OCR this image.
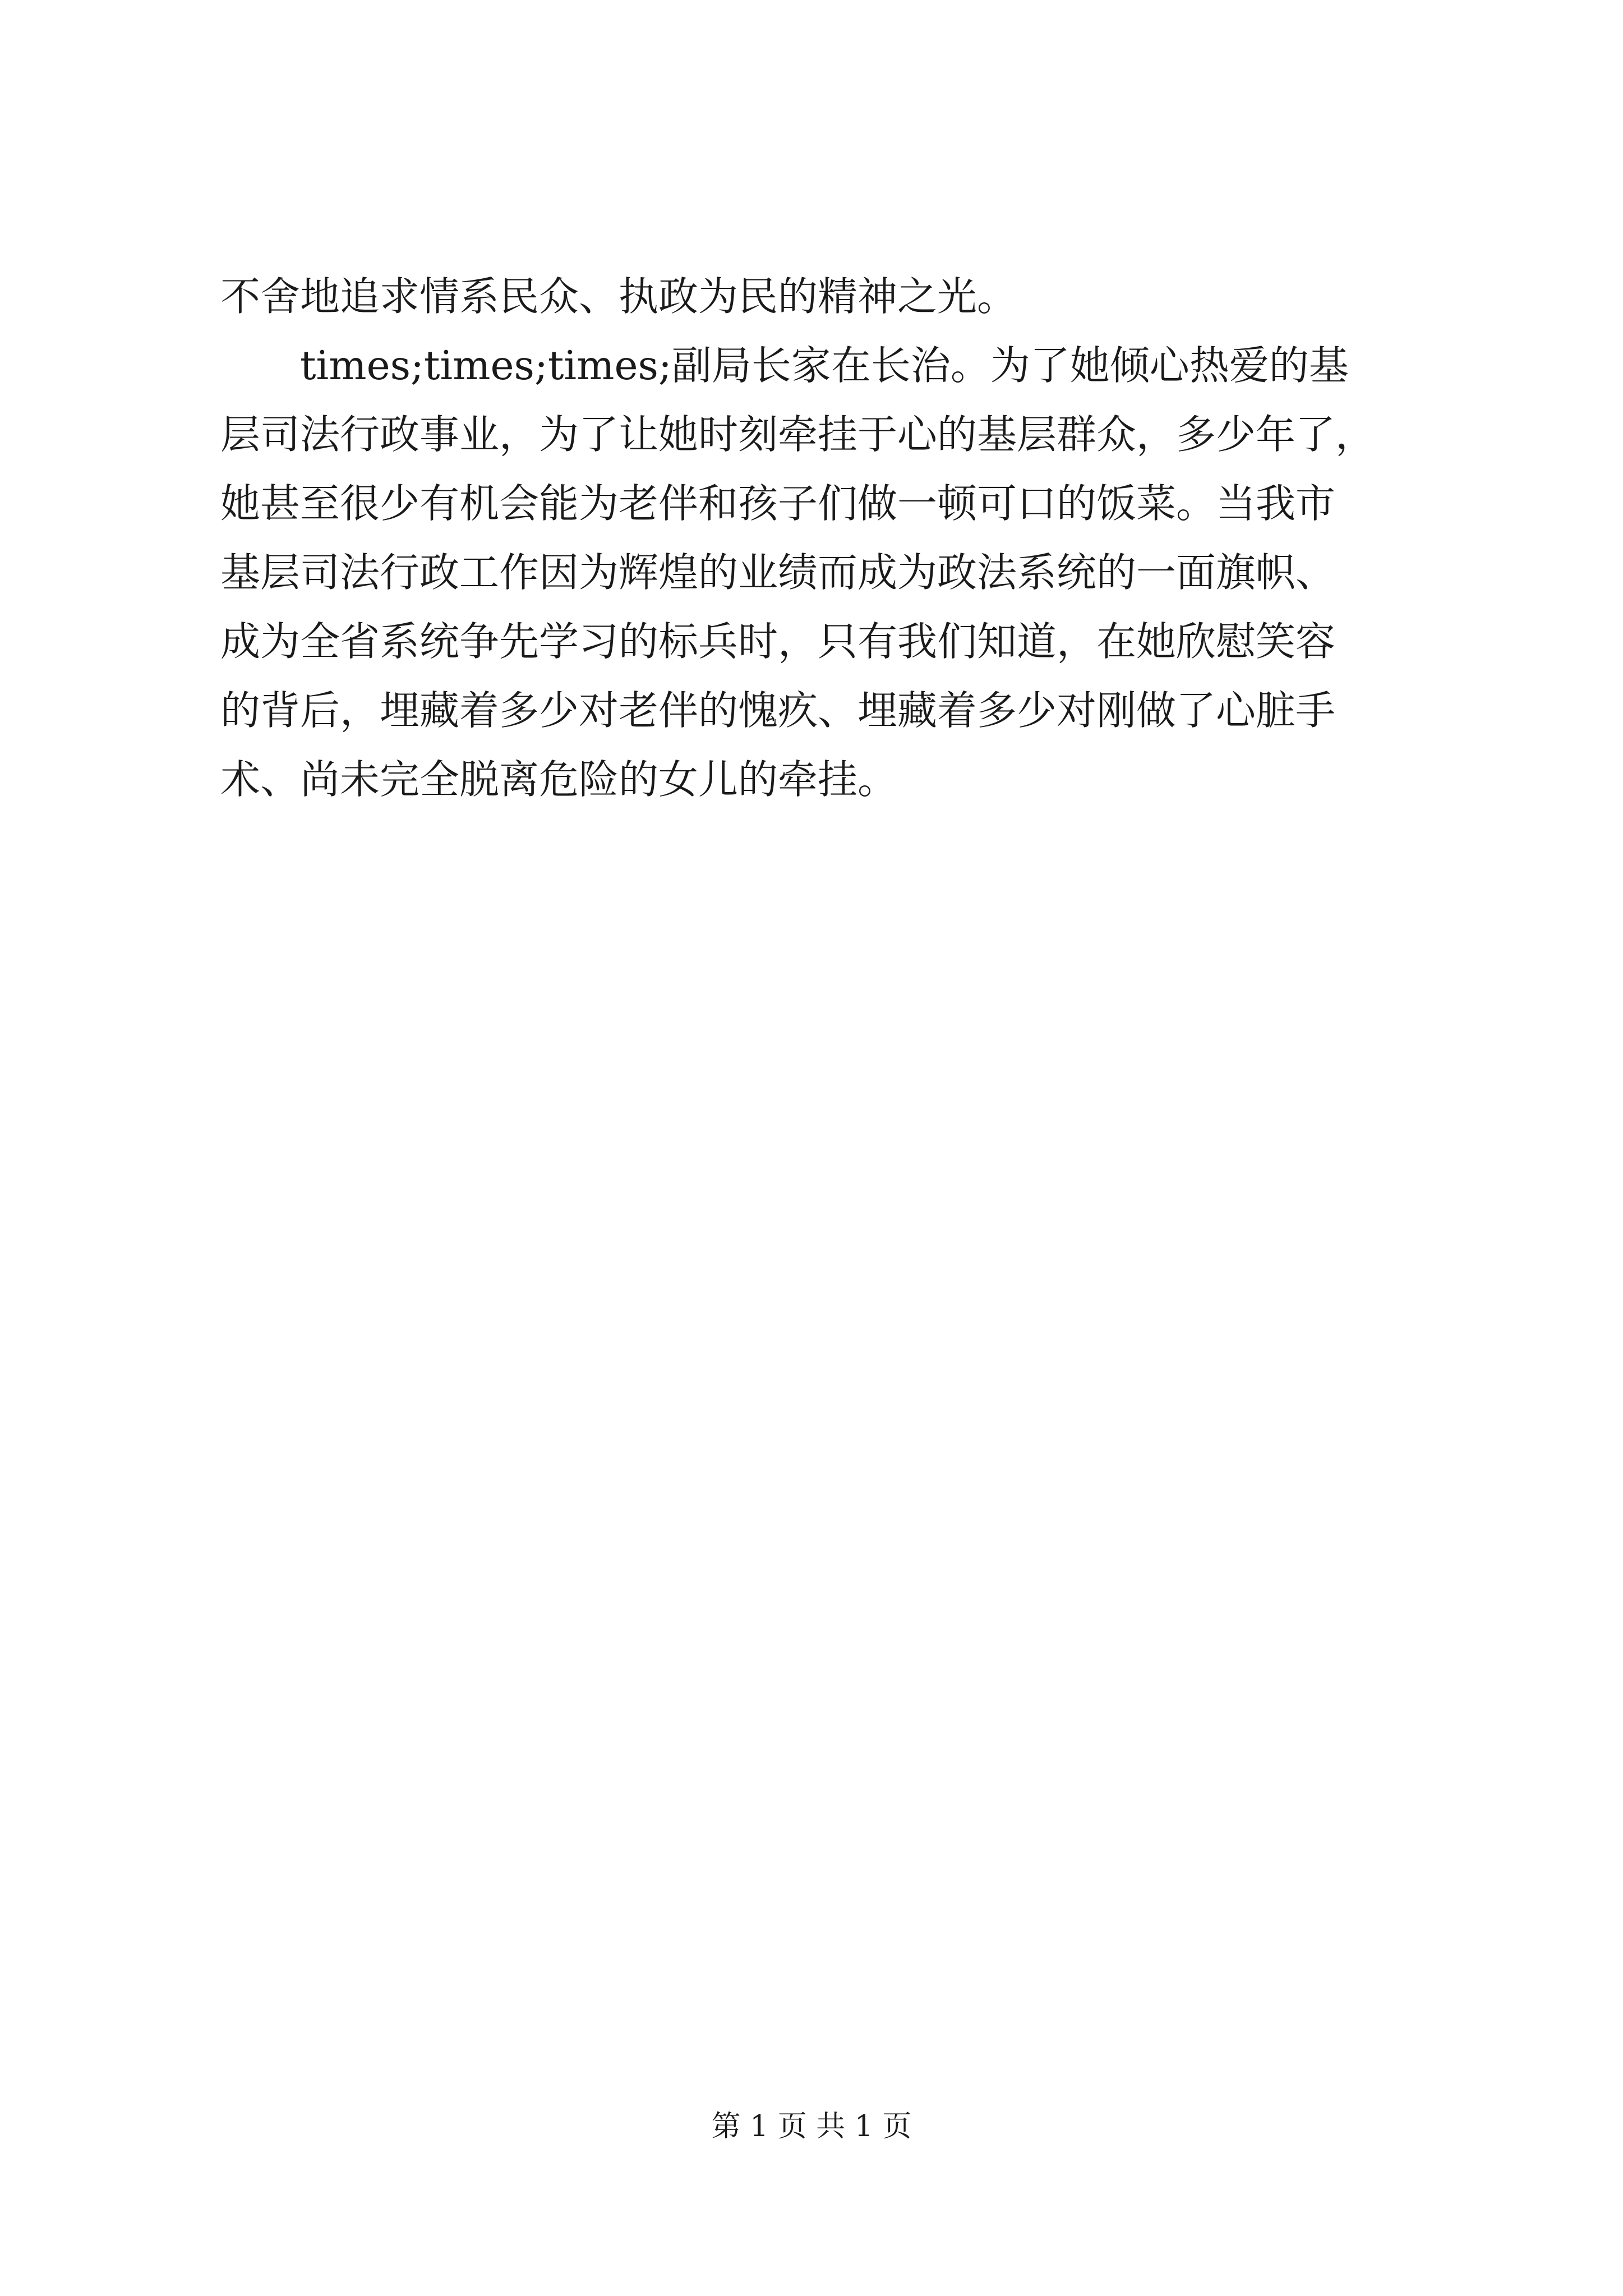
不舍地追求情系民众、执政为民的精神之光。
times;times;times;副局长家在长治。为了她倾心热爱的基
层司法行政事业，为了让她时刻牵挂于心的基层群众，多少年了，
她甚至很少有机会能为老伴和孩子们做一顿可口的饭菜。当我市
基层司法行政工作因为辉煌的业绩而成为政法系统的一面旗帜、
成为全省系统争先学习的标兵时，只有我们知道，在她欣慰笑容
的背后，埋藏着多少对老伴的愧疚、埋藏着多少对刚做了心脏手
术、尚未完全脱离危险的女儿的牵挂。
第 1 页 共 1 页
